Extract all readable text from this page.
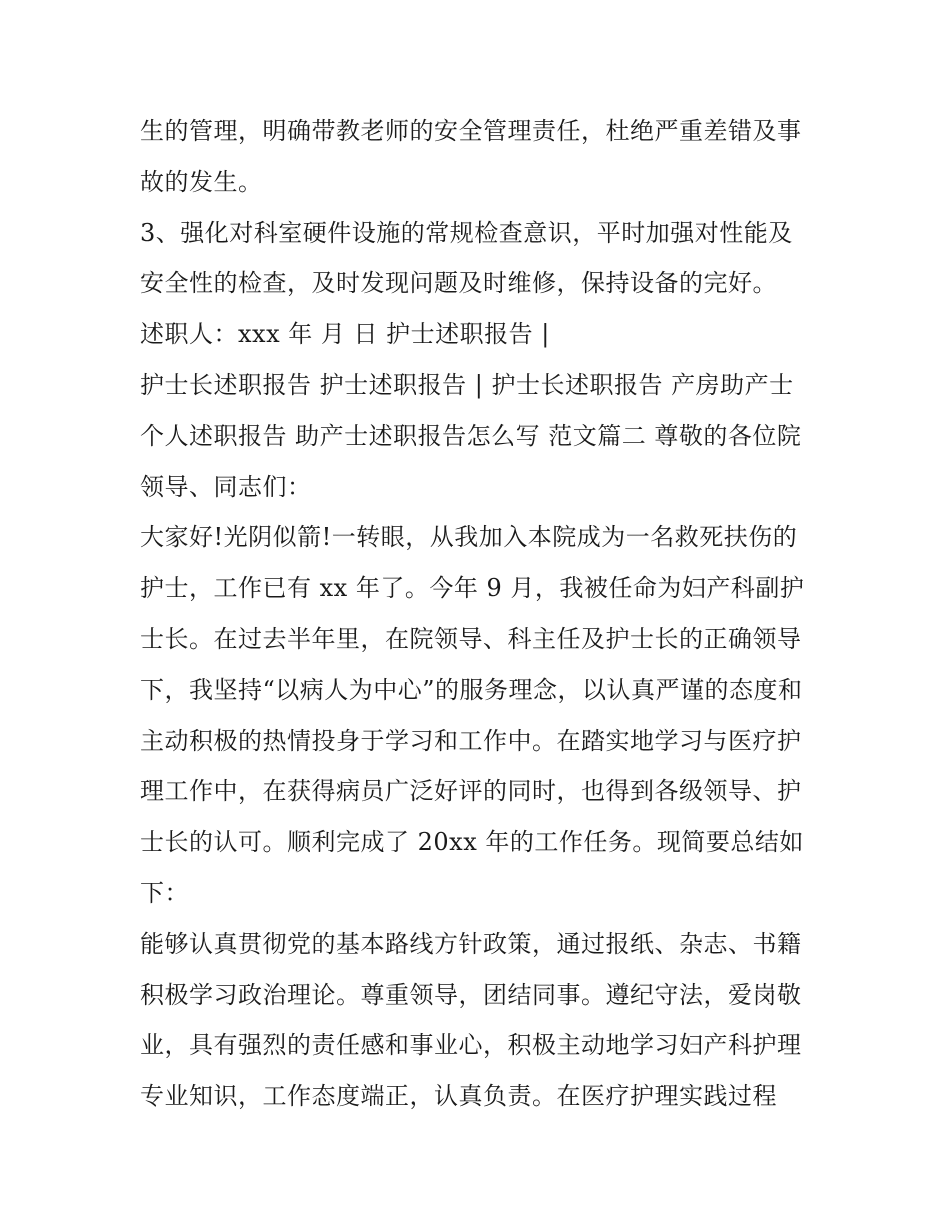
生的管理，明确带教老师的安全管理责任，杜绝严重差错及事
故的发生。
3、强化对科室硬件设施的常规检查意识，平时加强对性能及
安全性的检查，及时发现问题及时维修，保持设备的完好。
述职人：xxx 年 月 日 护士述职报告 |
护士长述职报告 护士述职报告 | 护士长述职报告 产房助产士
个人述职报告 助产士述职报告怎么写 范文篇二 尊敬的各位院
领导、同志们：
大家好!光阴似箭!一转眼，从我加入本院成为一名救死扶伤的
护士，工作已有 xx 年了。今年 9 月，我被任命为妇产科副护
士长。在过去半年里，在院领导、科主任及护士长的正确领导
下，我坚持“以病人为中心”的服务理念，以认真严谨的态度和
主动积极的热情投身于学习和工作中。在踏实地学习与医疗护
理工作中，在获得病员广泛好评的同时，也得到各级领导、护
士长的认可。顺利完成了 20xx 年的工作任务。现简要总结如
下：
能够认真贯彻党的基本路线方针政策，通过报纸、杂志、书籍
积极学习政治理论。尊重领导，团结同事。遵纪守法，爱岗敬
业，具有强烈的责任感和事业心，积极主动地学习妇产科护理
专业知识，工作态度端正，认真负责。在医疗护理实践过程
